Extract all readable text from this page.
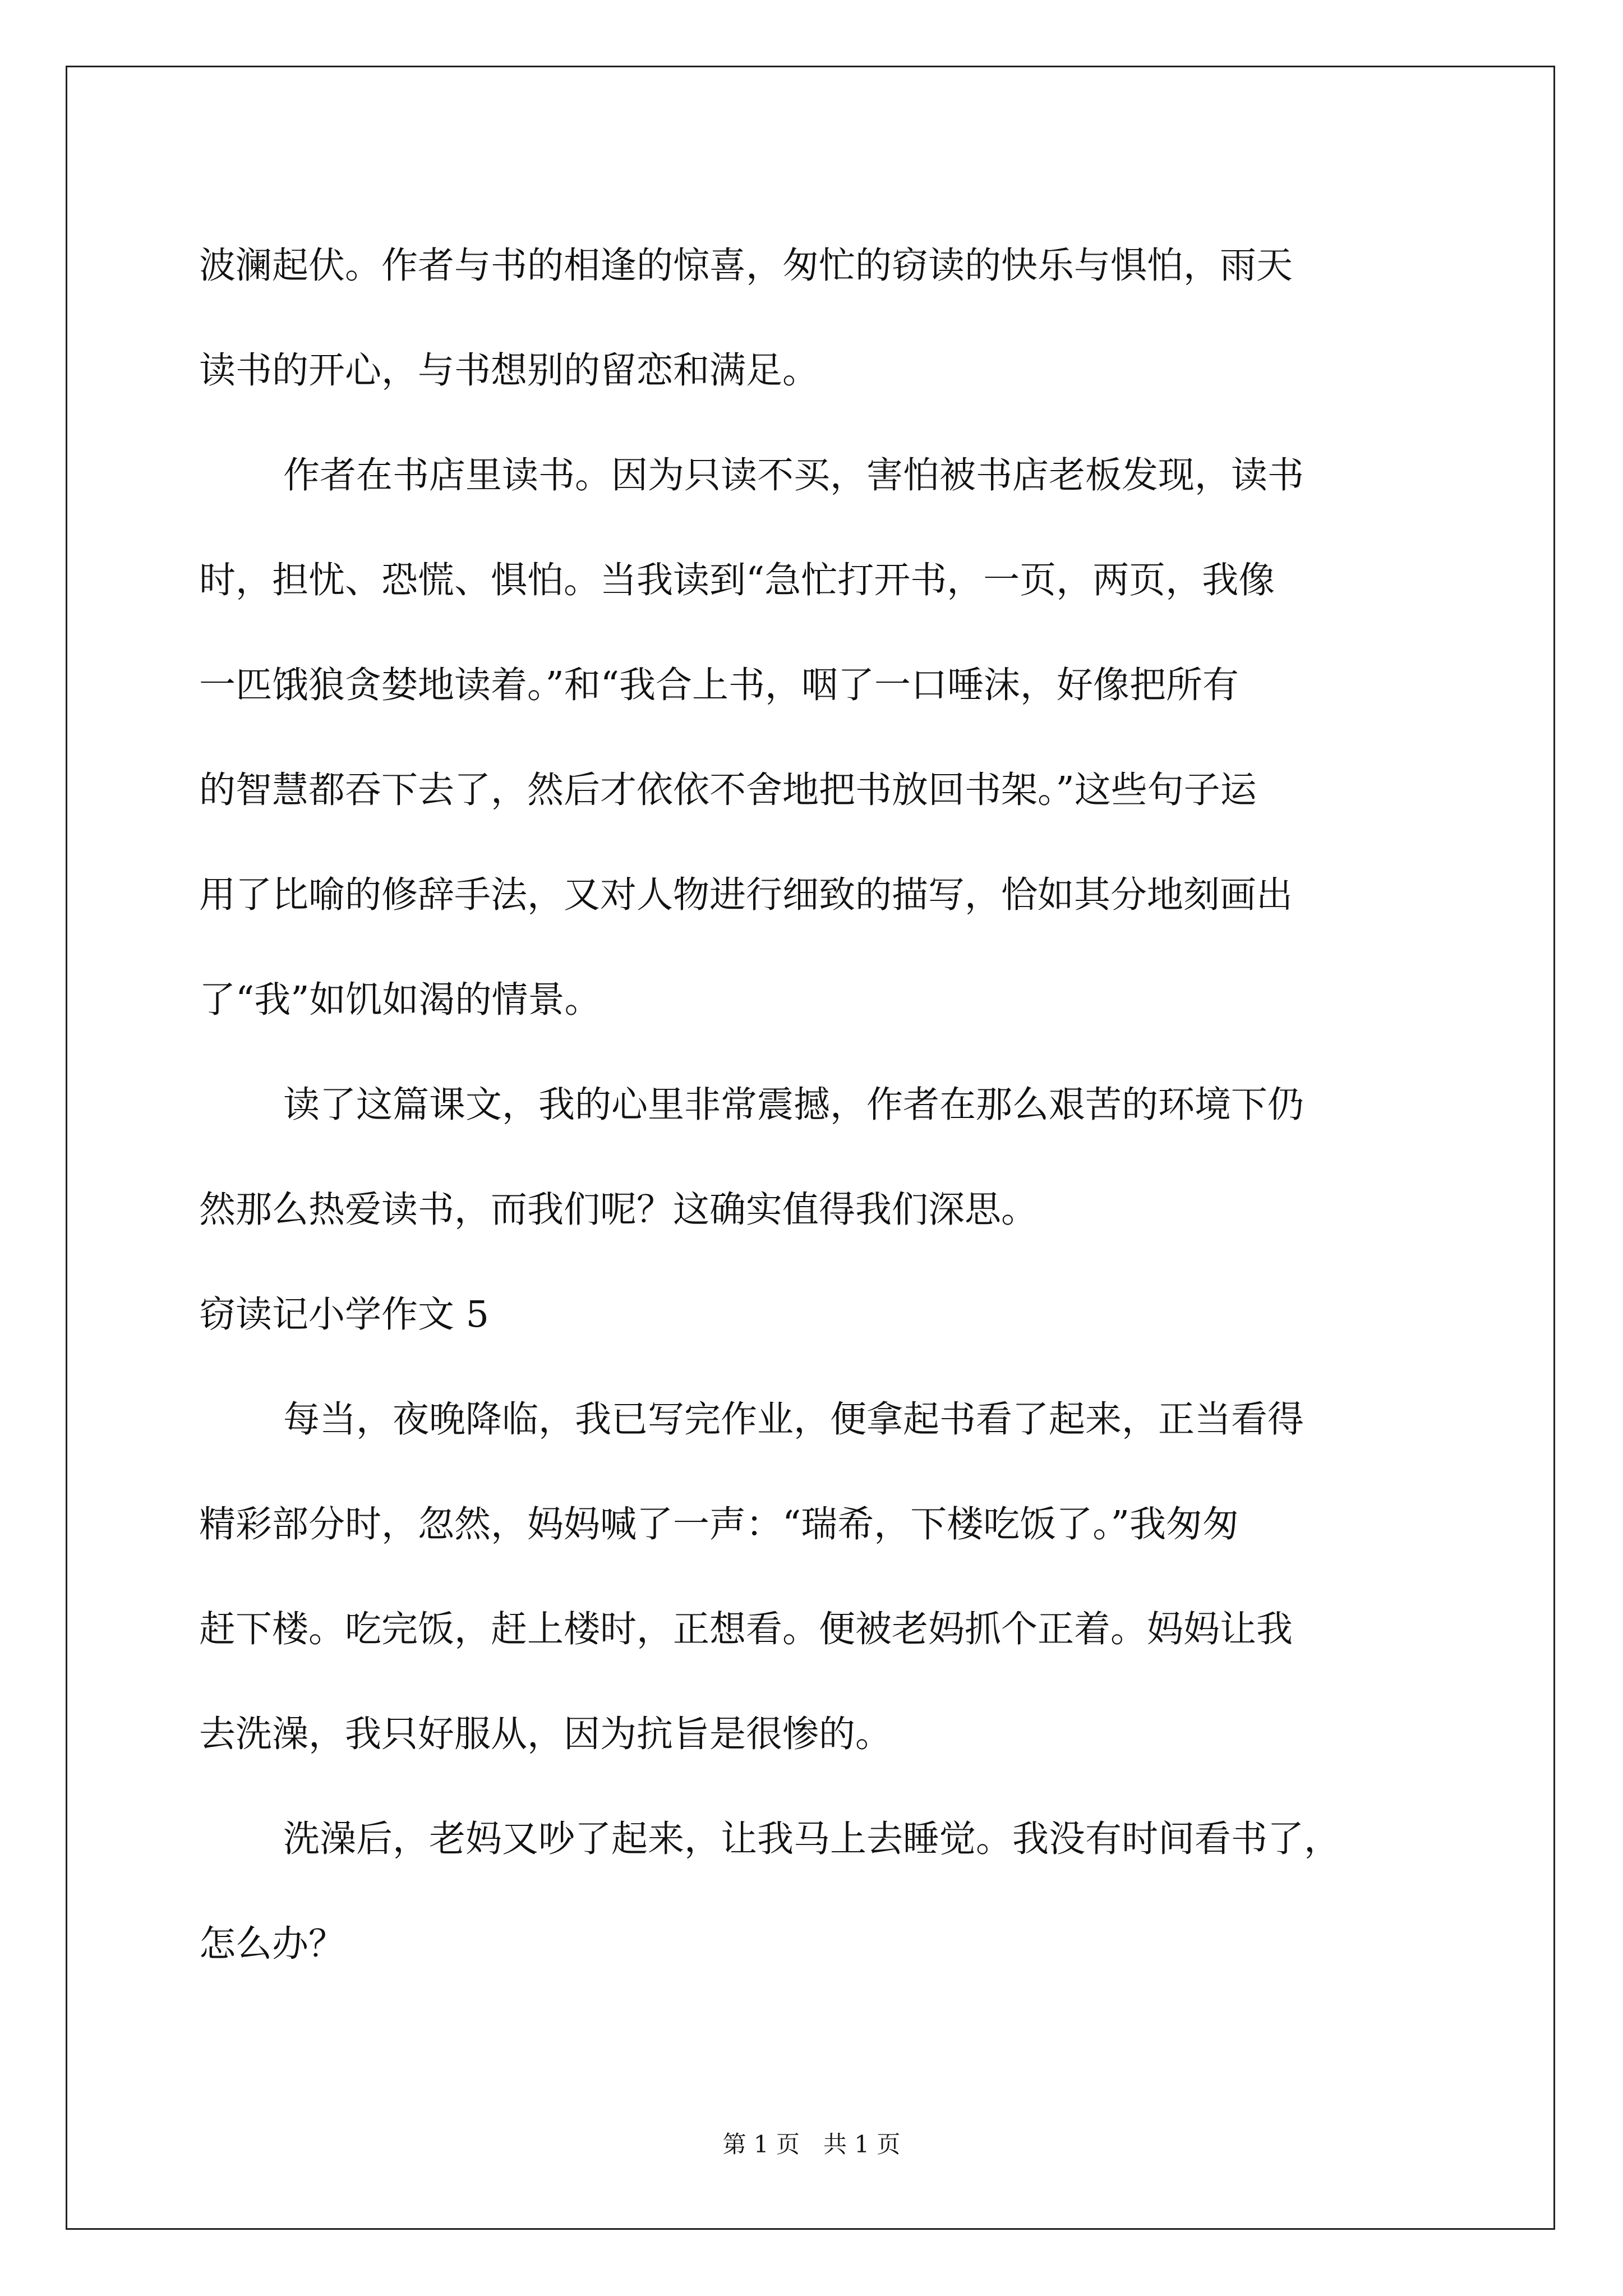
波澜起伏。作者与书的相逢的惊喜，匆忙的窃读的快乐与惧怕，雨天

读书的开心，与书想别的留恋和满足。

作者在书店里读书。因为只读不买，害怕被书店老板发现，读书

时，担忧、恐慌、惧怕。当我读到“急忙打开书，一页，两页，我像

一匹饿狼贪婪地读着。”和“我合上书，咽了一口唾沫，好像把所有

的智慧都吞下去了，然后才依依不舍地把书放回书架。”这些句子运

用了比喻的修辞手法，又对人物进行细致的描写，恰如其分地刻画出

了“我”如饥如渴的情景。

读了这篇课文，我的心里非常震撼，作者在那么艰苦的环境下仍

然那么热爱读书，而我们呢？这确实值得我们深思。

窃读记小学作文 5

每当，夜晚降临，我已写完作业，便拿起书看了起来，正当看得

精彩部分时，忽然，妈妈喊了一声：“瑞希，下楼吃饭了。”我匆匆

赶下楼。吃完饭，赶上楼时，正想看。便被老妈抓个正着。妈妈让我

去洗澡，我只好服从，因为抗旨是很惨的。

洗澡后，老妈又吵了起来，让我马上去睡觉。我没有时间看书了，

怎么办？

第 1 页　共 1 页
